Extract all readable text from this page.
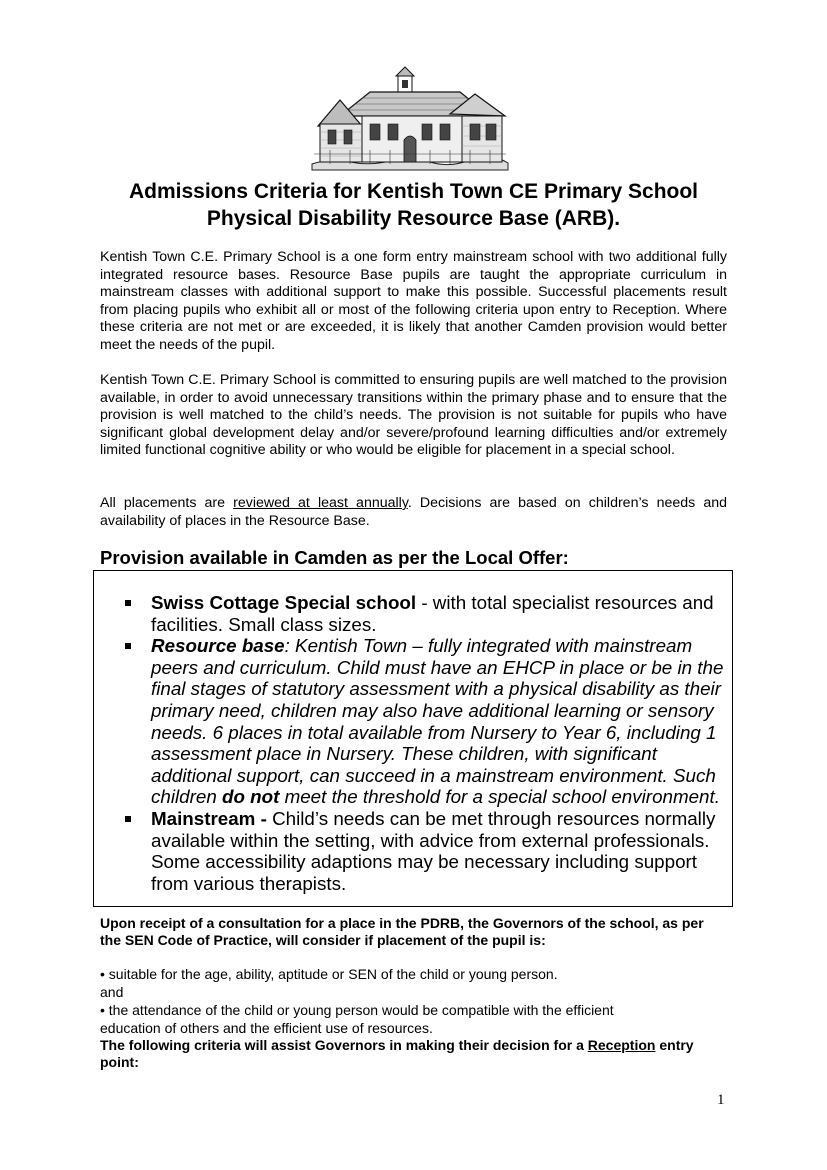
Admissions Criteria for Kentish Town CE Primary School
Physical Disability Resource Base (ARB).
Kentish Town C.E. Primary School is a one form entry mainstream school with two additional fully integrated resource bases. Resource Base pupils are taught the appropriate curriculum in mainstream classes with additional support to make this possible. Successful placements result from placing pupils who exhibit all or most of the following criteria upon entry to Reception. Where these criteria are not met or are exceeded, it is likely that another Camden provision would better meet the needs of the pupil.
Kentish Town C.E. Primary School is committed to ensuring pupils are well matched to the provision available, in order to avoid unnecessary transitions within the primary phase and to ensure that the provision is well matched to the child’s needs. The provision is not suitable for pupils who have significant global development delay and/or severe/profound learning difficulties and/or extremely limited functional cognitive ability or who would be eligible for placement in a special school.
All placements are reviewed at least annually. Decisions are based on children’s needs and availability of places in the Resource Base.
Provision available in Camden as per the Local Offer:
Swiss Cottage Special school - with total specialist resources and facilities. Small class sizes.
Resource base: Kentish Town – fully integrated with mainstream peers and curriculum. Child must have an EHCP in place or be in the final stages of statutory assessment with a physical disability as their primary need, children may also have additional learning or sensory needs. 6 places in total available from Nursery to Year 6, including 1 assessment place in Nursery. These children, with significant additional support, can succeed in a mainstream environment. Such children do not meet the threshold for a special school environment.
Mainstream - Child’s needs can be met through resources normally available within the setting, with advice from external professionals. Some accessibility adaptions may be necessary including support from various therapists.
Upon receipt of a consultation for a place in the PDRB, the Governors of the school, as per the SEN Code of Practice, will consider if placement of the pupil is:
• suitable for the age, ability, aptitude or SEN of the child or young person.
and
• the attendance of the child or young person would be compatible with the efficient
education of others and the efficient use of resources.
The following criteria will assist Governors in making their decision for a Reception entry point:
1
